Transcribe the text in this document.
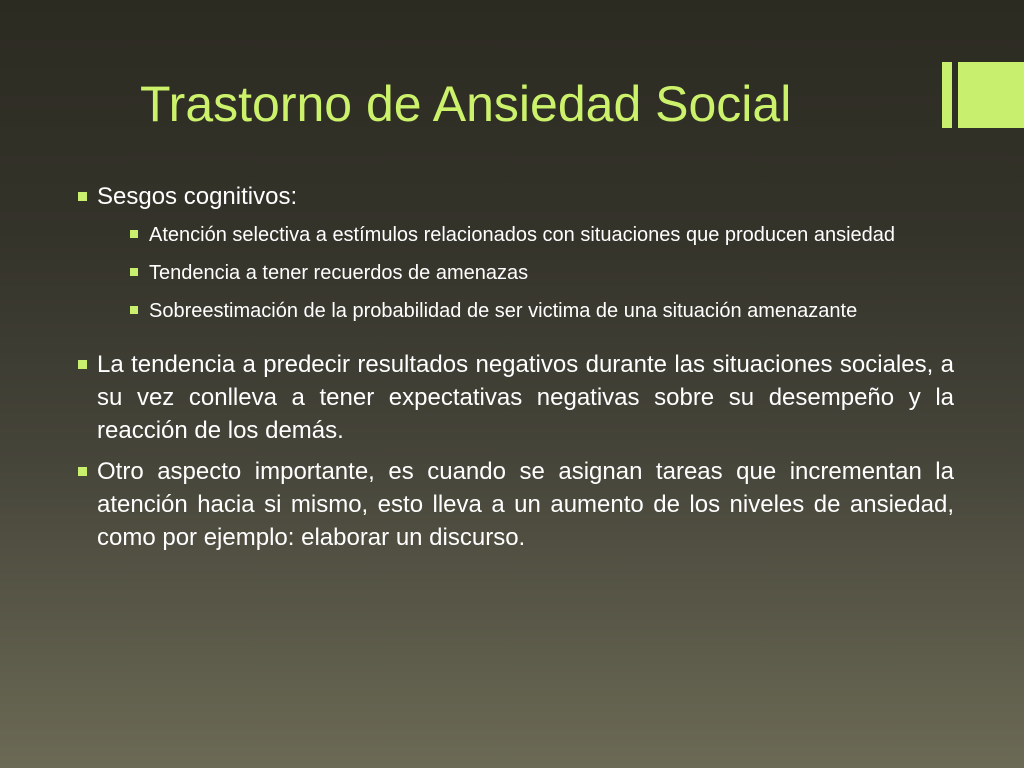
Trastorno de Ansiedad Social
Sesgos cognitivos:
Atención selectiva a estímulos relacionados con situaciones que producen ansiedad
Tendencia a tener recuerdos de amenazas
Sobreestimación de la probabilidad de ser victima de una situación amenazante
La tendencia a predecir resultados negativos durante las situaciones sociales, a su vez conlleva a tener expectativas negativas sobre su desempeño y la reacción de los demás.
Otro aspecto importante, es cuando se asignan tareas que incrementan la atención hacia si mismo, esto lleva a un aumento de los niveles de ansiedad, como por ejemplo: elaborar un discurso.
